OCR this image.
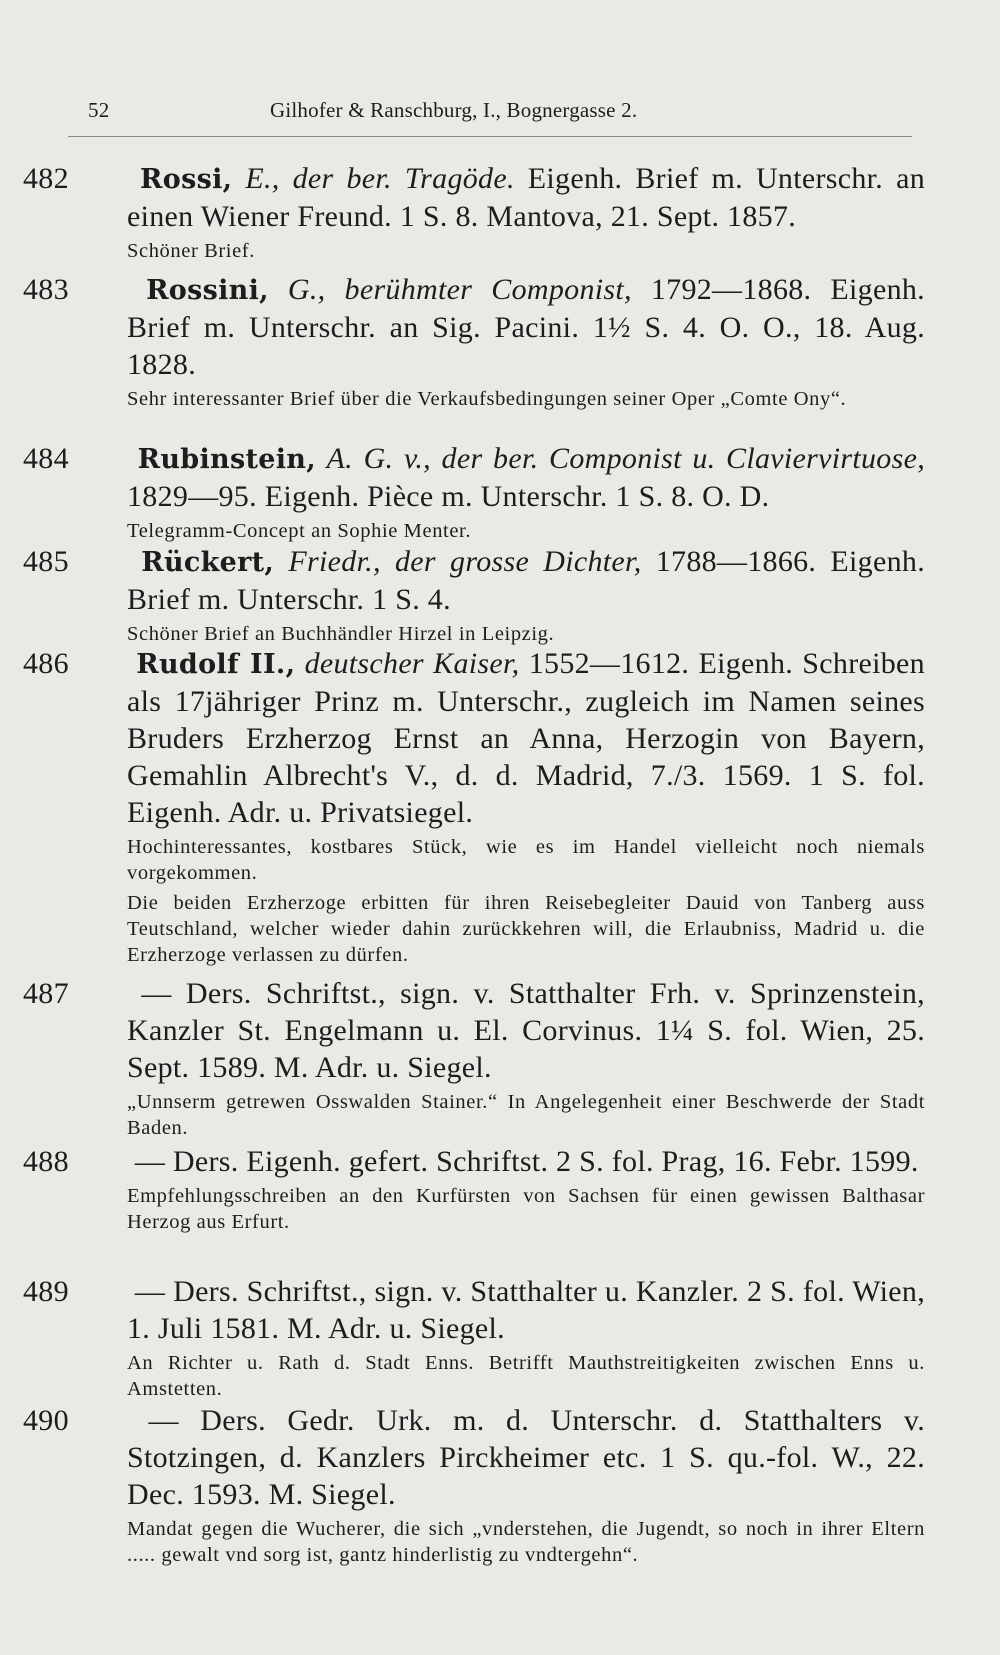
52	Gilhofer & Ranschburg, I., Bognergasse 2.
482	Rossi, E., der ber. Tragöde. Eigenh. Brief m. Unterschr. an einen Wiener Freund. 1 S. 8. Mantova, 21. Sept. 1857.
Schöner Brief.
483	Rossini, G., berühmter Componist, 1792—1868. Eigenh. Brief m. Unterschr. an Sig. Pacini. 1½ S. 4. O. O., 18. Aug. 1828.
Sehr interessanter Brief über die Verkaufsbedingungen seiner Oper „Comte Ony“.
484	Rubinstein, A. G. v., der ber. Componist u. Claviervirtuose, 1829—95. Eigenh. Pièce m. Unterschr. 1 S. 8. O. D.
Telegramm-Concept an Sophie Menter.
485	Rückert, Friedr., der grosse Dichter, 1788—1866. Eigenh. Brief m. Unterschr. 1 S. 4.
Schöner Brief an Buchhändler Hirzel in Leipzig.
486 Rudolf II., deutscher Kaiser, 1552—1612. Eigenh. Schreiben als 17jähriger Prinz m. Unterschr., zugleich im Namen seines Bruders Erzherzog Ernst an Anna, Herzogin von Bayern, Gemahlin Albrecht's V., d. d. Madrid, 7./3. 1569. 1 S. fol. Eigenh. Adr. u. Privatsiegel.
Hochinteressantes, kostbares Stück, wie es im Handel vielleicht noch niemals vorgekommen.
Die beiden Erzherzoge erbitten für ihren Reisebegleiter Dauid von Tanberg auss Teutschland, welcher wieder dahin zurückkehren will, die Erlaubniss, Madrid u. die Erzherzoge verlassen zu dürfen.
487 — Ders. Schriftst., sign. v. Statthalter Frh. v. Sprinzenstein, Kanzler St. Engelmann u. El. Corvinus. 1¼ S. fol. Wien, 25. Sept. 1589. M. Adr. u. Siegel.
„Unnserm getrewen Osswalden Stainer.“ In Angelegenheit einer Beschwerde der Stadt Baden.
488 — Ders. Eigenh. gefert. Schriftst. 2 S. fol. Prag, 16. Febr. 1599.
Empfehlungsschreiben an den Kurfürsten von Sachsen für einen gewissen Balthasar Herzog aus Erfurt.
489 — Ders. Schriftst., sign. v. Statthalter u. Kanzler. 2 S. fol. Wien, 1. Juli 1581. M. Adr. u. Siegel.
An Richter u. Rath d. Stadt Enns. Betrifft Mauthstreitigkeiten zwischen Enns u. Amstetten.
490	— Ders. Gedr. Urk. m. d. Unterschr. d. Statthalters v. Stotzingen, d. Kanzlers Pirckheimer etc. 1 S. qu.-fol. W., 22. Dec. 1593. M. Siegel.
Mandat gegen die Wucherer, die sich „vnderstehen, die Jugendt, so noch in ihrer Eltern ..... gewalt vnd sorg ist, gantz hinderlistig zu vndtergehn“.
